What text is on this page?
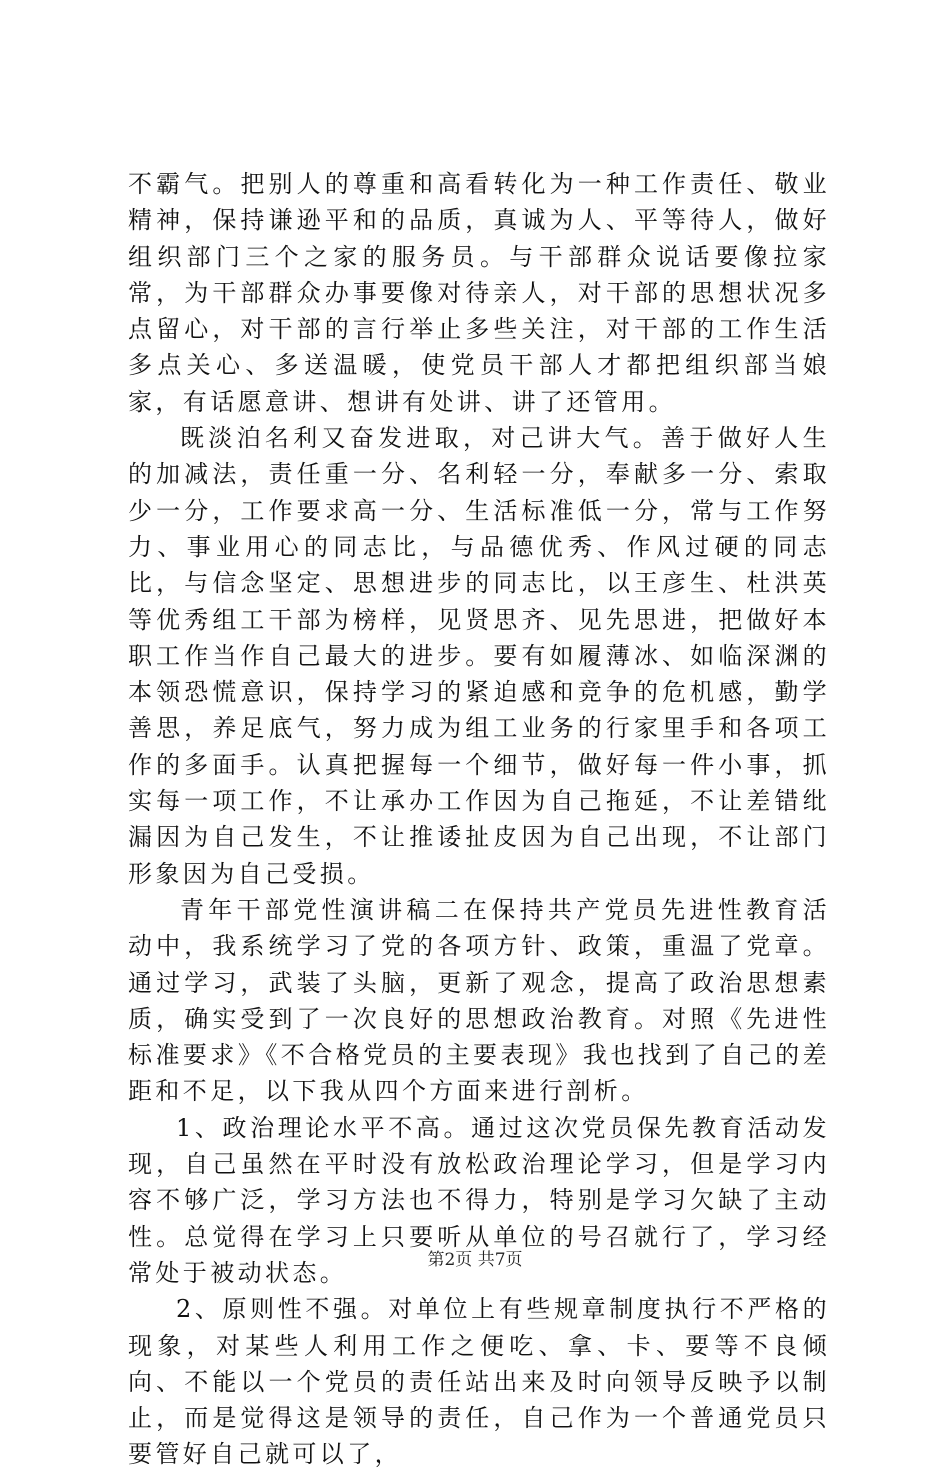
不霸气。把别人的尊重和高看转化为一种工作责任、敬业精神，保持谦逊平和的品质，真诚为人、平等待人，做好组织部门三个之家的服务员。与干部群众说话要像拉家常，为干部群众办事要像对待亲人，对干部的思想状况多点留心，对干部的言行举止多些关注，对干部的工作生活多点关心、多送温暖，使党员干部人才都把组织部当娘家，有话愿意讲、想讲有处讲、讲了还管用。

既淡泊名利又奋发进取，对己讲大气。善于做好人生的加减法，责任重一分、名利轻一分，奉献多一分、索取少一分，工作要求高一分、生活标准低一分，常与工作努力、事业用心的同志比，与品德优秀、作风过硬的同志比，与信念坚定、思想进步的同志比，以王彦生、杜洪英等优秀组工干部为榜样，见贤思齐、见先思进，把做好本职工作当作自己最大的进步。要有如履薄冰、如临深渊的本领恐慌意识，保持学习的紧迫感和竞争的危机感，勤学善思，养足底气，努力成为组工业务的行家里手和各项工作的多面手。认真把握每一个细节，做好每一件小事，抓实每一项工作，不让承办工作因为自己拖延，不让差错纰漏因为自己发生，不让推诿扯皮因为自己出现，不让部门形象因为自己受损。

青年干部党性演讲稿二在保持共产党员先进性教育活动中，我系统学习了党的各项方针、政策，重温了党章。通过学习，武装了头脑，更新了观念，提高了政治思想素质，确实受到了一次良好的思想政治教育。对照《先进性标准要求》《不合格党员的主要表现》我也找到了自己的差距和不足，以下我从四个方面来进行剖析。

1、政治理论水平不高。通过这次党员保先教育活动发现，自己虽然在平时没有放松政治理论学习，但是学习内容不够广泛，学习方法也不得力，特别是学习欠缺了主动性。总觉得在学习上只要听从单位的号召就行了，学习经常处于被动状态。

2、原则性不强。对单位上有些规章制度执行不严格的现象，对某些人利用工作之便吃、拿、卡、要等不良倾向、不能以一个党员的责任站出来及时向领导反映予以制止，而是觉得这是领导的责任，自己作为一个普通党员只要管好自己就可以了，

第2页 共7页
